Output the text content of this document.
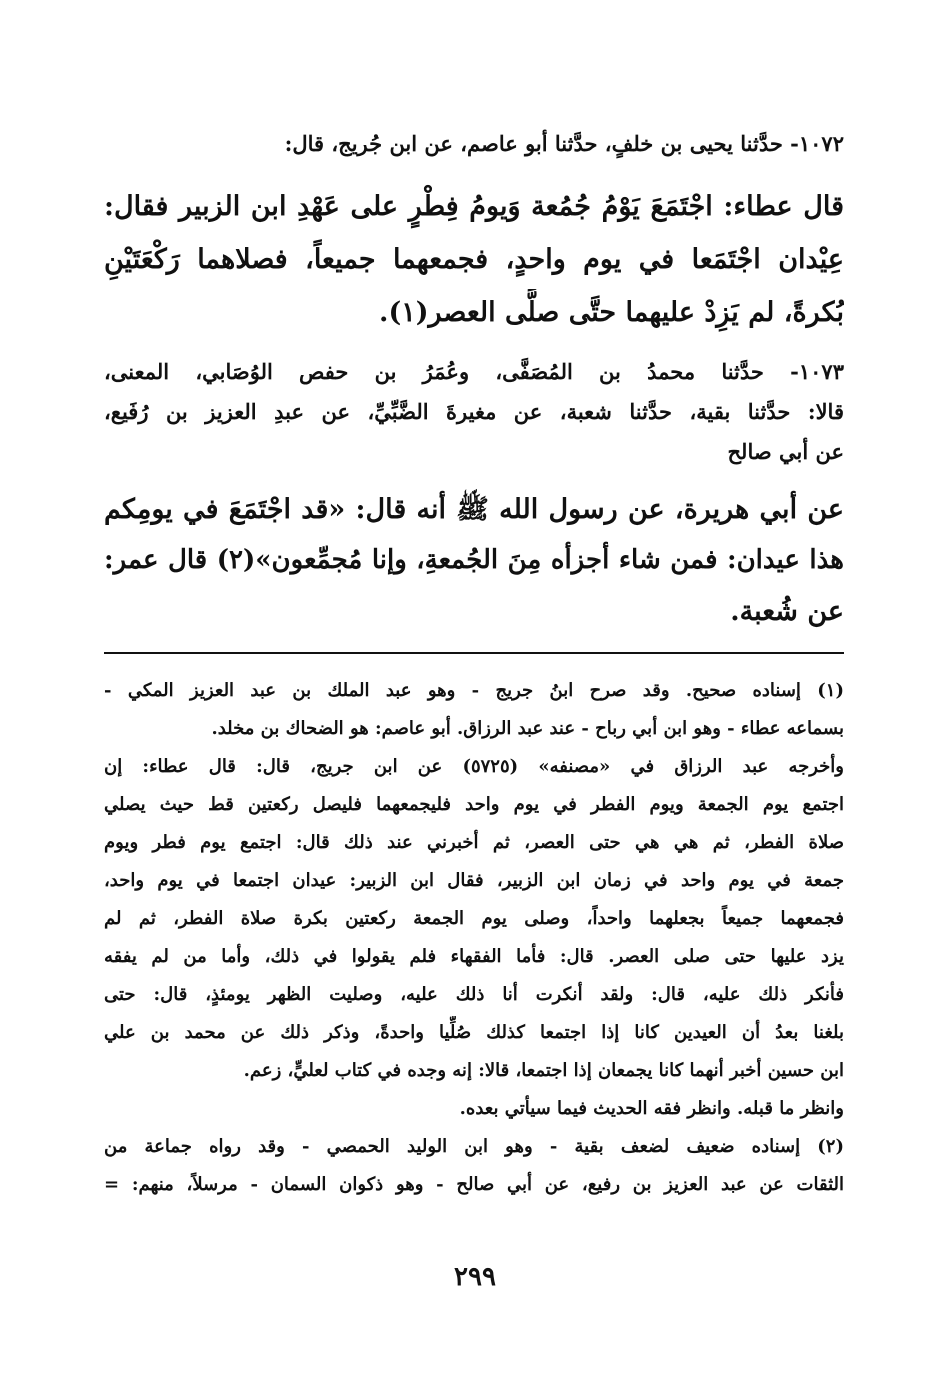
١٠٧٢- حدَّثنا يحيى بن خلفٍ، حدَّثنا أبو عاصم، عن ابن جُريج، قال:

قال عطاء: اجْتَمَعَ يَوْمُ جُمُعة وَيومُ فِطْرٍ على عَهْدِ ابن الزبير فقال:

عِيْدان اجْتَمَعا في يوم واحدٍ، فجمعهما جميعاً، فصلاهما رَكْعَتَيْنِ

بُكرةً، لم يَزِدْ عليهما حتَّى صلَّى العصر(١).

١٠٧٣- حدَّثنا محمدُ بن المُصَفَّى، وعُمَرُ بن حفص الوُصَابي، المعنى،

قالا: حدَّثنا بقية، حدَّثنا شعبة، عن مغيرةَ الضَّبِّيِّ، عن عبدِ العزيز بن رُفَيع،

عن أبي صالح

عن أبي هريرة، عن رسول الله ﷺ أنه قال: «قد اجْتَمَعَ في يومِكم

هذا عيدان: فمن شاء أجزأه مِنَ الجُمعةِ، وإنا مُجمِّعون»(٢) قال عمر:

عن شُعبة.

(١) إسناده صحيح. وقد صرح ابنُ جريج - وهو عبد الملك بن عبد العزيز المكي -

بسماعه عطاء - وهو ابن أبي رباح - عند عبد الرزاق. أبو عاصم: هو الضحاك بن مخلد.

وأخرجه عبد الرزاق في «مصنفه» (٥٧٢٥) عن ابن جريج، قال: قال عطاء: إن

اجتمع يوم الجمعة ويوم الفطر في يوم واحد فليجمعهما فليصل ركعتين قط حيث يصلي

صلاة الفطر، ثم هي هي حتى العصر، ثم أخبرني عند ذلك قال: اجتمع يوم فطر ويوم

جمعة في يوم واحد في زمان ابن الزبير، فقال ابن الزبير: عيدان اجتمعا في يوم واحد،

فجمعهما جميعاً بجعلهما واحداً، وصلى يوم الجمعة ركعتين بكرة صلاة الفطر، ثم لم

يزد عليها حتى صلى العصر. قال: فأما الفقهاء فلم يقولوا في ذلك، وأما من لم يفقه

فأنكر ذلك عليه، قال: ولقد أنكرت أنا ذلك عليه، وصليت الظهر يومئذٍ، قال: حتى

بلغنا بعدُ أن العيدين كانا إذا اجتمعا كذلك صُلِّيا واحدةً، وذكر ذلك عن محمد بن علي

ابن حسين أخبر أنهما كانا يجمعان إذا اجتمعا، قالا: إنه وجده في كتاب لعليٍّ، زعم.

وانظر ما قبله. وانظر فقه الحديث فيما سيأتي بعده.

(٢) إسناده ضعيف لضعف بقية - وهو ابن الوليد الحمصي - وقد رواه جماعة من

الثقات عن عبد العزيز بن رفيع، عن أبي صالح - وهو ذكوان السمان - مرسلاً، منهم: =

٢٩٩
